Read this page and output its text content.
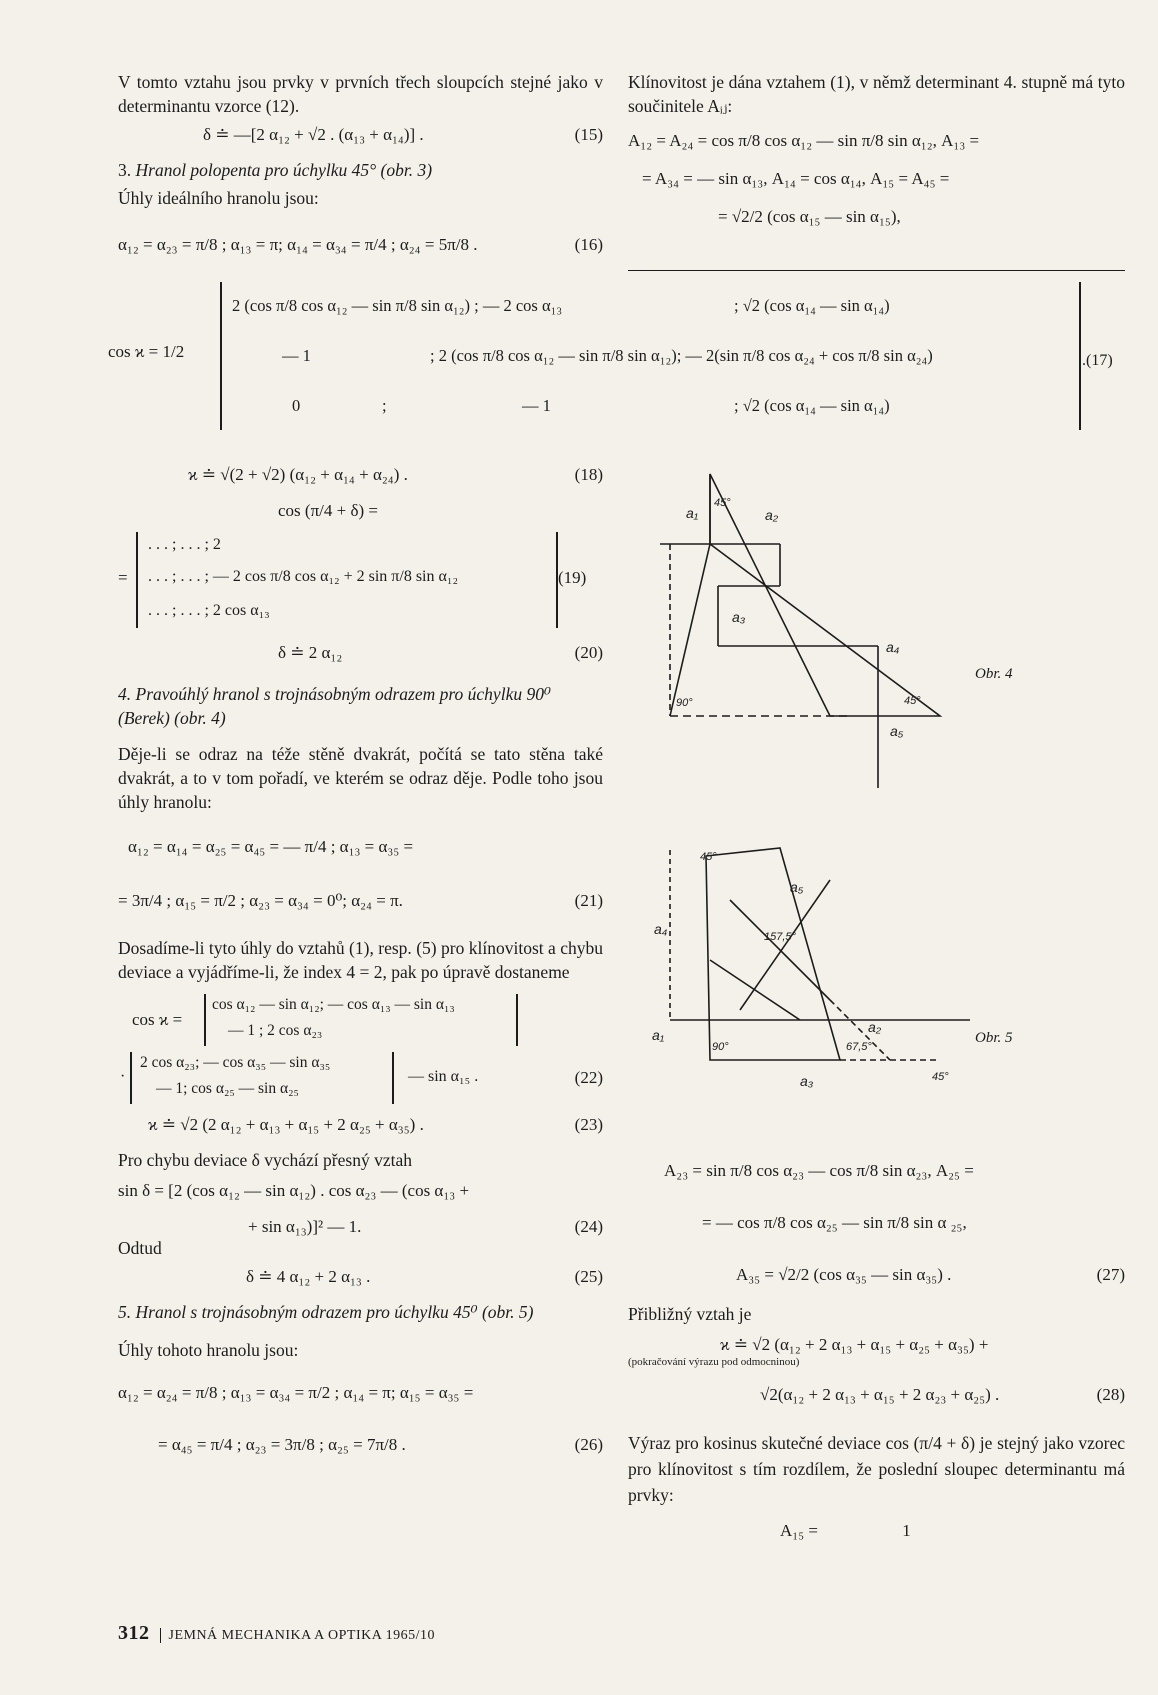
V tomto vztahu jsou prvky v prvních třech sloupcích stejné jako v determinantu vzorce (12).

δ ≐ —[2 α₁₂ + √2 . (α₁₃ + α₁₄)] .	(15)
3. Hranol polopenta pro úchylku 45° (obr. 3)

Úhly ideálního hranolu jsou:

α₁₂ = α₂₃ = π/8 ; α₁₃ = π; α₁₄ = α₃₄ = π/4 ; α₂₄ = 5π/8 .	(16)

Klínovitost je dána vztahem (1), v němž determinant 4. stupně má tyto součinitele Aᵢⱼ:

A₁₂ = A₂₄ = cos π/8 cos α₁₂ — sin π/8 sin α₁₂, A₁₃ =
= A₃₄ = — sin α₁₃, A₁₄ = cos α₁₄, A₁₅ = A₄₅ =
= √2/2 (cos α₁₅ — sin α₁₅),
cos ϰ = 1/2
2 (cos π/8 cos α₁₂ — sin π/8 sin α₁₂) ; — 2 cos α₁₃	; √2 (cos α₁₄ — sin α₁₄)
— 1	; 2 (cos π/8 cos α₁₂ — sin π/8 sin α₁₂); — 2(sin π/8 cos α₂₄ + cos π/8 sin α₂₄)
0	;	— 1	; √2 (cos α₁₄ — sin α₁₄)
.(17)
ϰ ≐ √(2 + √2) (α₁₂ + α₁₄ + α₂₄) .	(18)
cos (π/4 + δ) =
=
. . . ; . . . ; 2
. . . ; . . . ; — 2 cos π/8 cos α₁₂ + 2 sin π/8 sin α₁₂
. . . ; . . . ; 2 cos α₁₃
(19)
δ ≐ 2 α₁₂	(20)

4. Pravoúhlý hranol s trojnásobným odrazem pro úchylku 90⁰ (Berek) (obr. 4)

Děje-li se odraz na téže stěně dvakrát, počítá se tato stěna také dvakrát, a to v tom pořadí, ve kterém se odraz děje. Podle toho jsou úhly hranolu:

α₁₂ = α₁₄ = α₂₅ = α₄₅ = — π/4 ; α₁₃ = α₃₅ =
= 3π/4 ; α₁₅ = π/2 ; α₂₃ = α₃₄ = 0⁰; α₂₄ = π.	(21)

Dosadíme-li tyto úhly do vztahů (1), resp. (5) pro klínovitost a chybu deviace a vyjádříme-li, že index 4 = 2, pak po úpravě dostaneme

cos ϰ =
cos α₁₂ — sin α₁₂; — cos α₁₃ — sin α₁₃
— 1 ; 2 cos α₂₃
·
2 cos α₂₃; — cos α₃₅ — sin α₃₅
— 1; cos α₂₅ — sin α₂₅
— sin α₁₅ .	(22)
ϰ ≐ √2 (2 α₁₂ + α₁₃ + α₁₅ + 2 α₂₅ + α₃₅) .	(23)

Pro chybu deviace δ vychází přesný vztah

sin δ = [2 (cos α₁₂ — sin α₁₂) . cos α₂₃ — (cos α₁₃ +
+ sin α₁₃)]² — 1.	(24)

Odtud

δ ≐ 4 α₁₂ + 2 α₁₃ .	(25)

5. Hranol s trojnásobným odrazem pro úchylku 45⁰ (obr. 5)

Úhly tohoto hranolu jsou:

α₁₂ = α₂₄ = π/8 ; α₁₃ = α₃₄ = π/2 ; α₁₄ = π; α₁₅ = α₃₅ =
= α₄₅ = π/4 ; α₂₃ = 3π/8 ; α₂₅ = 7π/8 .	(26)
a₁	a₂
a₃
a₄
a₅
45°
45°
90°
Obr. 4
a₁	a₂
a₃
a₄
a₅
45°
157,5°
67,5°
90°
45°
Obr. 5
A₂₃ = sin π/8 cos α₂₃ — cos π/8 sin α₂₃, A₂₅ =
= — cos π/8 cos α₂₅ — sin π/8 sin α ₂₅,
A₃₅ = √2/2 (cos α₃₅ — sin α₃₅) .	(27)

Přibližný vztah je

ϰ ≐ √2 (α₁₂ + 2 α₁₃ + α₁₅ + α₂₅ + α₃₅) +
(pokračování výrazu pod odmocninou)
√2(α₁₂ + 2 α₁₃ + α₁₅ + 2 α₂₃ + α₂₅) .	(28)

Výraz pro kosinus skutečné deviace cos (π/4 + δ) je stejný jako vzorec pro klínovitost s tím rozdílem, že poslední sloupec determinantu má prvky:

A₁₅ =	1
312 JEMNÁ MECHANIKA A OPTIKA 1965/10
